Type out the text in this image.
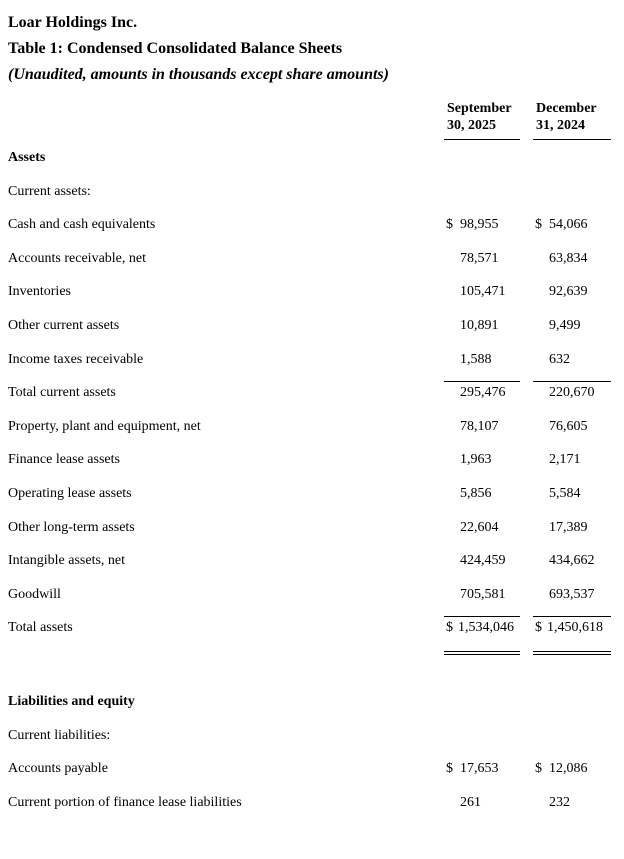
Loar Holdings Inc.
Table 1: Condensed Consolidated Balance Sheets
(Unaudited, amounts in thousands except share amounts)
September 30, 2025
December 31, 2024
Assets
Current assets:
Cash and cash equivalents	$ 98,955	$ 54,066
Accounts receivable, net	78,571	63,834
Inventories	105,471	92,639
Other current assets	10,891	9,499
Income taxes receivable	1,588	632
Total current assets	295,476	220,670
Property, plant and equipment, net	78,107	76,605
Finance lease assets	1,963	2,171
Operating lease assets	5,856	5,584
Other long-term assets	22,604	17,389
Intangible assets, net	424,459	434,662
Goodwill	705,581	693,537
Total assets	$ 1,534,046	$ 1,450,618
Liabilities and equity
Current liabilities:
Accounts payable	$ 17,653	$ 12,086
Current portion of finance lease liabilities	261	232
